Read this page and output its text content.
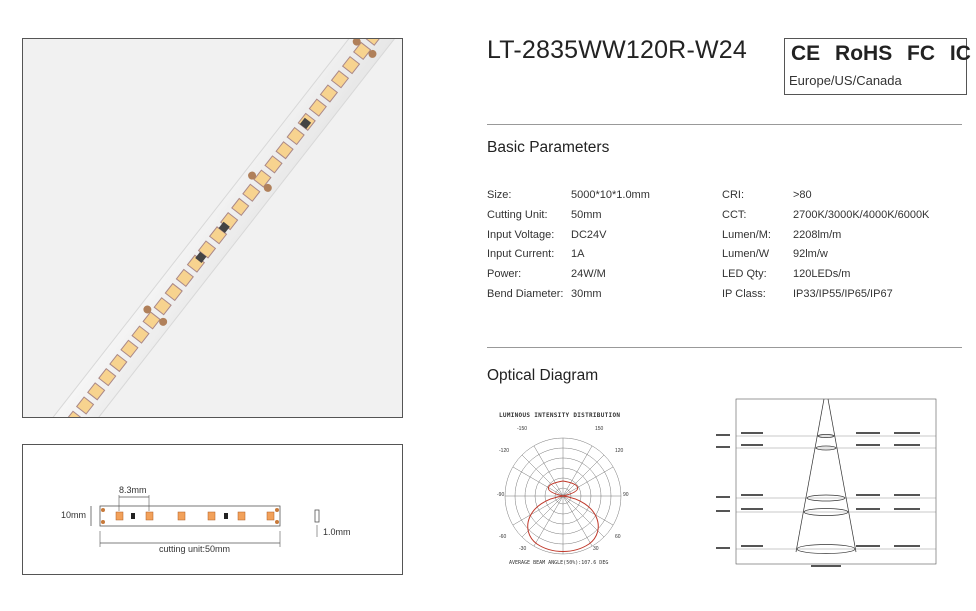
8.3mm
10mm
cutting unit:50mm
1.0mm
LT-2835WW120R-W24 CE RoHS FC IC
Europe/US/Canada
Basic Parameters
Size:	5000*10*1.0mm
Cutting Unit: 50mm
Input Voltage: DC24V
Input Current: 1A
Power:	24W/M
Bend Diameter: 30mm
CRI:	>80
CCT:	2700K/3000K/4000K/6000K
Lumen/M: 2208lm/m
Lumen/W 92lm/w
LED Qty: 120LEDs/m
IP Class: IP33/IP55/IP65/IP67
Optical Diagram
LUMINOUS INTENSITY DISTRIBUTION
-150	150
-120	120
-90	90
-60	60
-30	30
AVERAGE BEAM ANGLE(50%):107.6 DEG
